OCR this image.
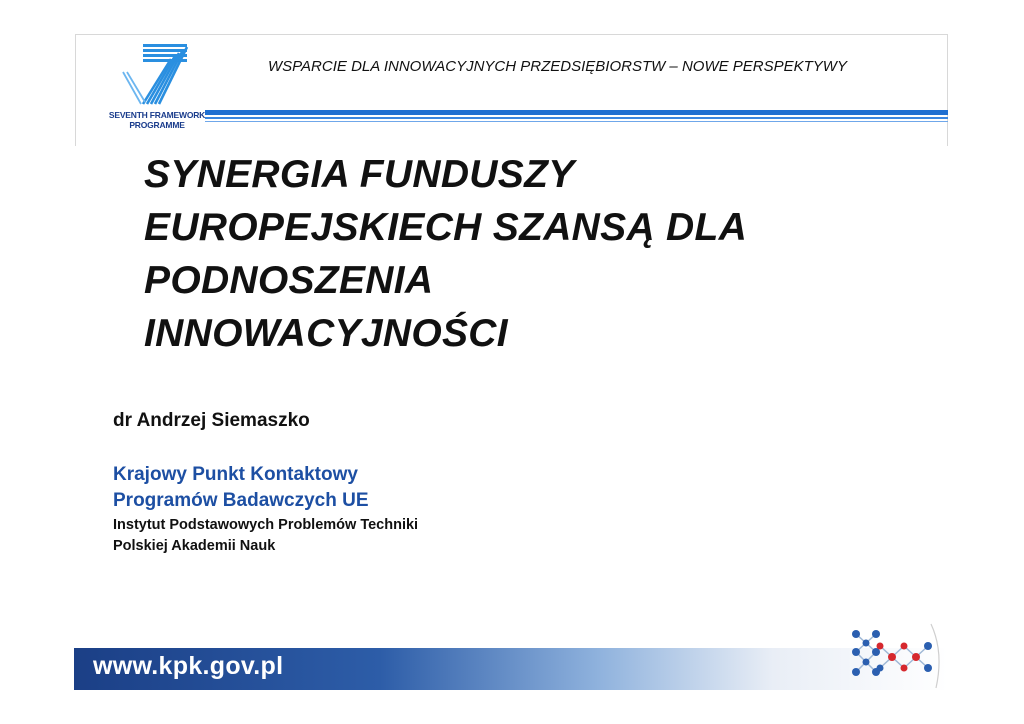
SEVENTH FRAMEWORK
PROGRAMME
WSPARCIE DLA INNOWACYJNYCH PRZEDSIĘBIORSTW – NOWE PERSPEKTYWY
SYNERGIA FUNDUSZY
EUROPEJSKIECH SZANSĄ DLA
PODNOSZENIA
INNOWACYJNOŚCI
dr Andrzej Siemaszko
Krajowy Punkt Kontaktowy
Programów Badawczych UE
Instytut Podstawowych Problemów Techniki
Polskiej Akademii Nauk
www.kpk.gov.pl
